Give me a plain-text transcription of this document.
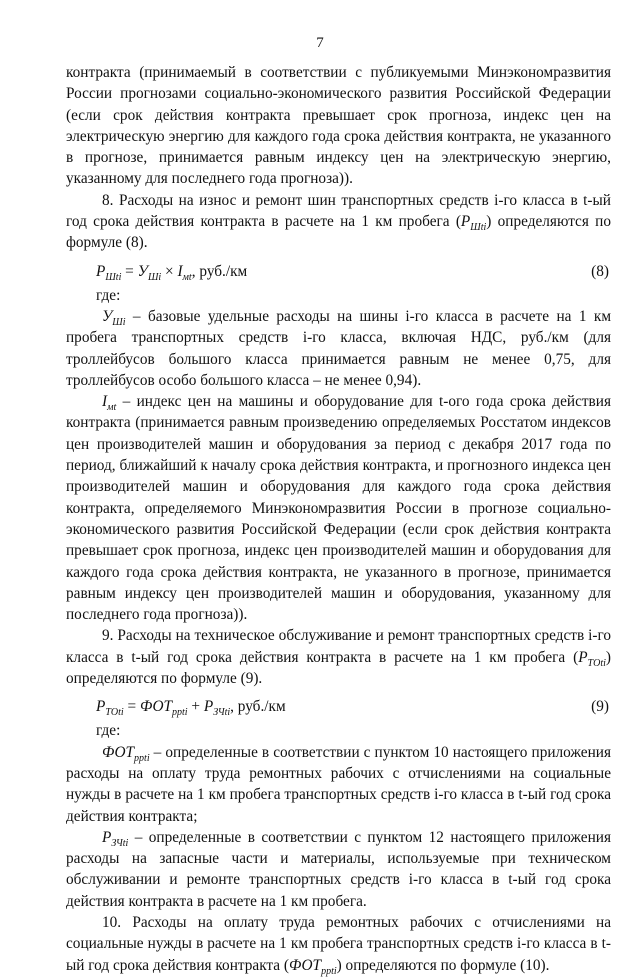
7

контракта (принимаемый в соответствии с публикуемыми Минэкономразвития России прогнозами социально-экономического развития Российской Федерации (если срок действия контракта превышает срок прогноза, индекс цен на электрическую энергию для каждого года срока действия контракта, не указанного в прогнозе, принимается равным индексу цен на электрическую энергию, указанному для последнего года прогноза)).

8. Расходы на износ и ремонт шин транспортных средств i-го класса в t-ый год срока действия контракта в расчете на 1 км пробега $(Р_{Шti})$ определяются по формуле (8).

$Р_{Шti} = У_{Шi} \times I_{мt}$, руб./км	(8)
где:

$У_{Шi}$ – базовые удельные расходы на шины i-го класса в расчете на 1 км пробега транспортных средств i-го класса, включая НДС, руб./км (для троллейбусов большого класса принимается равным не менее 0,75, для троллейбусов особо большого класса – не менее 0,94).

$I_{мt}$ – индекс цен на машины и оборудование для t-ого года срока действия контракта (принимается равным произведению определяемых Росстатом индексов цен производителей машин и оборудования за период с декабря 2017 года по период, ближайший к началу срока действия контракта, и прогнозного индекса цен производителей машин и оборудования для каждого года срока действия контракта, определяемого Минэкономразвития России в прогнозе социально-экономического развития Российской Федерации (если срок действия контракта превышает срок прогноза, индекс цен производителей машин и оборудования для каждого года срока действия контракта, не указанного в прогнозе, принимается равным индексу цен производителей машин и оборудования, указанному для последнего года прогноза)).

9. Расходы на техническое обслуживание и ремонт транспортных средств i-го класса в t-ый год срока действия контракта в расчете на 1 км пробега $(Р_{ТОti})$ определяются по формуле (9).

$Р_{ТОti} = ФОТ_{ррti} + Р_{ЗЧti}$, руб./км	(9)
где:

$ФОТ_{ppti}$ – определенные в соответствии с пунктом 10 настоящего приложения расходы на оплату труда ремонтных рабочих с отчислениями на социальные нужды в расчете на 1 км пробега транспортных средств i-го класса в t-ый год срока действия контракта;

$Р_{ЗЧti}$ – определенные в соответствии с пунктом 12 настоящего приложения расходы на запасные части и материалы, используемые при техническом обслуживании и ремонте транспортных средств i-го класса в t-ый год срока действия контракта в расчете на 1 км пробега.

10. Расходы на оплату труда ремонтных рабочих с отчислениями на социальные нужды в расчете на 1 км пробега транспортных средств i-го класса в t-ый год срока действия контракта $(ФОТ_{ppti})$ определяются по формуле (10).
